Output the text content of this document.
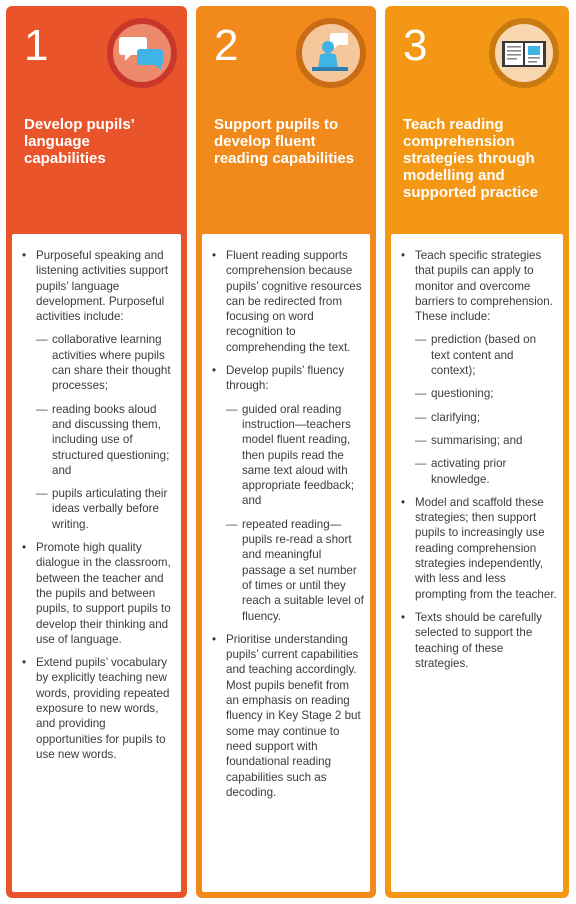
1
Develop pupils’ language capabilities
• Purposeful speaking and listening activities support pupils’ language development. Purposeful activities include:
— collaborative learning activities where pupils can share their thought processes;
— reading books aloud and discussing them, including use of structured questioning; and
— pupils articulating their ideas verbally before writing.
• Promote high quality dialogue in the classroom, between the teacher and the pupils and between pupils, to support pupils to develop their thinking and use of language.
• Extend pupils’ vocabulary by explicitly teaching new words, providing repeated exposure to new words, and providing opportunities for pupils to use new words.
2
Support pupils to develop fluent reading capabilities
• Fluent reading supports comprehension because pupils’ cognitive resources can be redirected from focusing on word recognition to comprehending the text.
• Develop pupils’ fluency through:
— guided oral reading instruction—teachers model fluent reading, then pupils read the same text aloud with appropriate feedback; and
— repeated reading—pupils re-read a short and meaningful passage a set number of times or until they reach a suitable level of fluency.
• Prioritise understanding pupils’ current capabilities and teaching accordingly. Most pupils benefit from an emphasis on reading fluency in Key Stage 2 but some may continue to need support with foundational reading capabilities such as decoding.
3
Teach reading comprehension strategies through modelling and supported practice
• Teach specific strategies that pupils can apply to monitor and overcome barriers to comprehension. These include:
— prediction (based on text content and context);
— questioning;
— clarifying;
— summarising; and
— activating prior knowledge.
• Model and scaffold these strategies; then support pupils to increasingly use reading comprehension strategies independently, with less and less prompting from the teacher.
• Texts should be carefully selected to support the teaching of these strategies.
